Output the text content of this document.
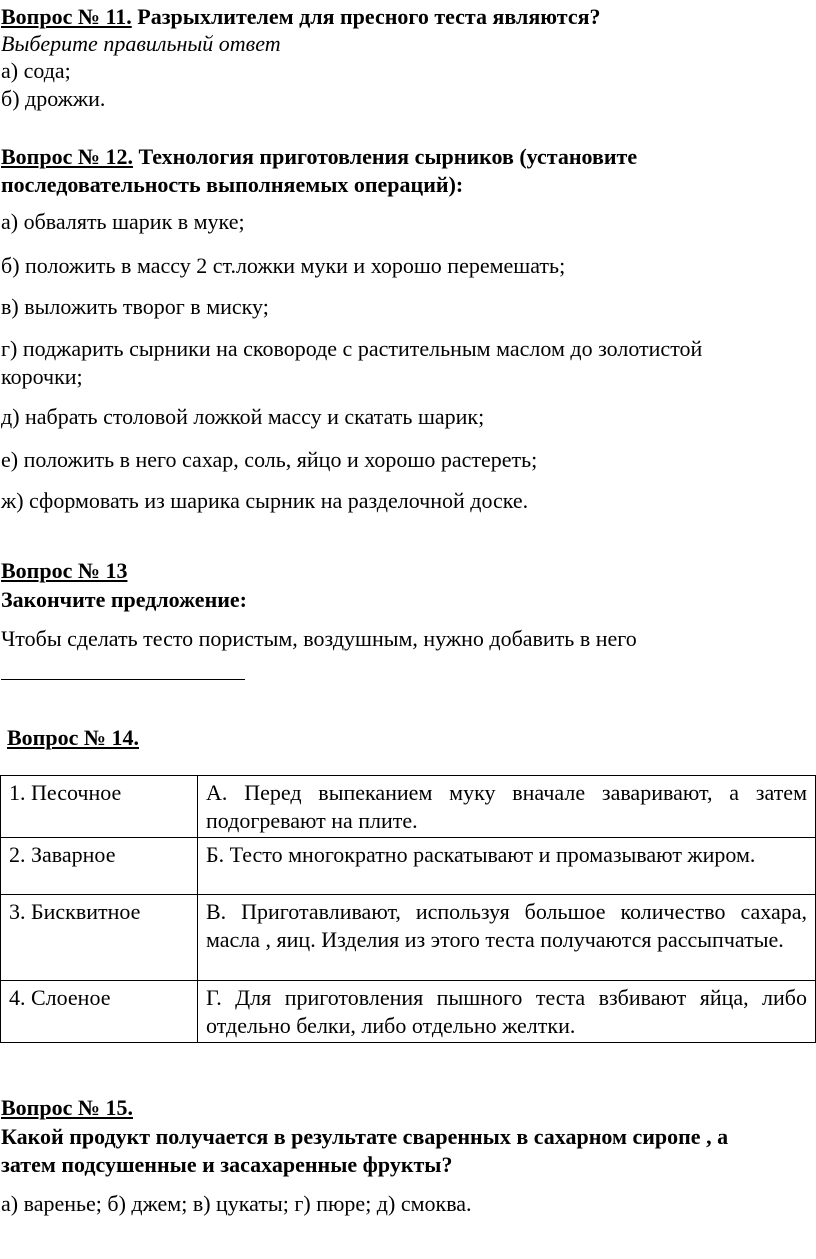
Вопрос № 11. Разрыхлителем для пресного теста являются?
Выберите правильный ответ
а) сода;
б) дрожжи.
Вопрос № 12. Технология приготовления сырников (установите
последовательность выполняемых операций):
а) обвалять шарик в муке;
б) положить в массу 2 ст.ложки муки и хорошо перемешать;
в) выложить творог в миску;
г) поджарить сырники на сковороде с растительным маслом до золотистой
корочки;
д) набрать столовой ложкой массу и скатать шарик;
е) положить в него сахар, соль, яйцо и хорошо растереть;
ж) сформовать из шарика сырник на разделочной доске.
Вопрос № 13
Закончите предложение:
Чтобы сделать тесто пористым, воздушным, нужно добавить в него
Вопрос № 14.
1. Песочное	А. Перед выпеканием муку вначале заваривают, а затем подогревают на плите.
2. Заварное	Б. Тесто многократно раскатывают и промазывают жиром.
3. Бисквитное	В. Приготавливают, используя большое количество сахара, масла , яиц. Изделия из этого теста получаются рассыпчатые.
4. Слоеное	Г. Для приготовления пышного теста взбивают яйца, либо отдельно белки, либо отдельно желтки.
Вопрос № 15.
Какой продукт получается в результате сваренных в сахарном сиропе , а
затем подсушенные и засахаренные фрукты?
а) варенье; б) джем; в) цукаты; г) пюре; д) смоква.
